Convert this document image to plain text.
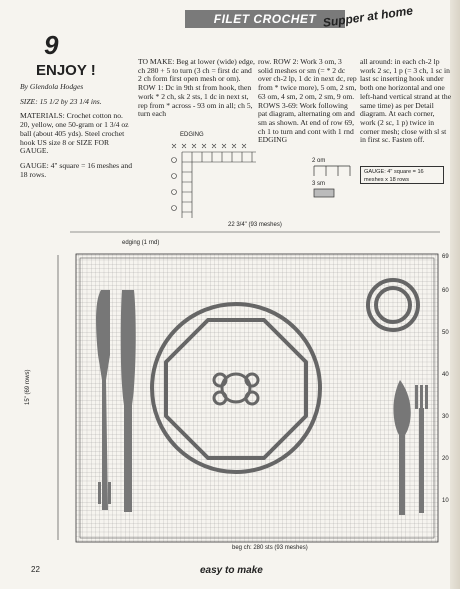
FILET CROCHET Supper at home
9
ENJOY !

By Glendola Hodges

SIZE: 15 1/2 by 23 1/4 ins.

MATERIALS: Crochet cotton no. 20, yellow, one 50-gram or 1 3/4 oz ball (about 405 yds). Steel crochet hook US size 8 or SIZE FOR GAUGE.

GAUGE: 4" square = 16 meshes and 18 rows.

TO MAKE: Beg at lower (wide) edge, ch 280 + 5 to turn (3 ch = first dc and 2 ch form first open mesh or om). ROW 1: Dc in 9th st from hook, then work * 2 ch, sk 2 sts, 1 dc in next st, rep from * across - 93 om in all; ch 5, turn each

row. ROW 2: Work 3 om, 3 solid meshes or sm (= * 2 dc over ch-2 lp, 1 dc in next dc, rep from * twice more), 5 om, 2 sm, 63 om, 4 sm, 2 om, 2 sm, 9 om. ROWS 3-69: Work following pat diagram, alternating om and sm as shown. At end of row 69, ch 1 to turn and cont with 1 rnd EDGING

all around: in each ch-2 lp work 2 sc, 1 p (= 3 ch, 1 sc in last sc inserting hook under both one horizontal and one left-hand vertical strand at the same time) as per Detail diagram. At each corner, work (2 sc, 1 p) twice in corner mesh; close with sl st in first sc. Fasten off.

EDGING
2 om
3 sm
GAUGE: 4" square = 16 meshes x 18 rows
22 3/4" (93 meshes)
edging (1 rnd)
15" (69 rows)
beg ch: 280 sts (93 meshes)
69
60
50
40
30
20
10
22	easy to make
